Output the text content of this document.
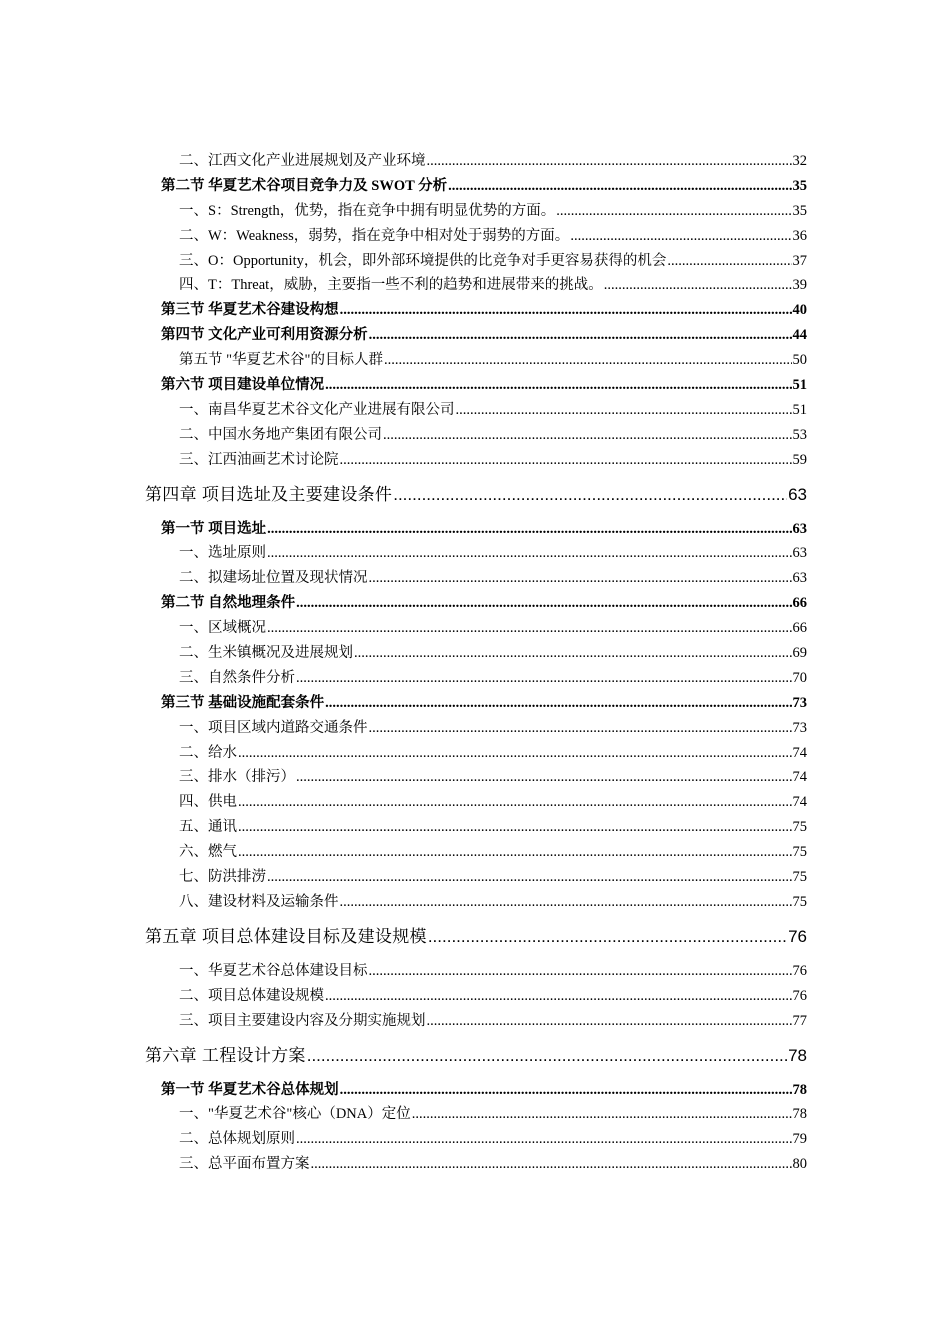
二、江西文化产业进展规划及产业环境 .....	32
第二节 华夏艺术谷项目竞争力及 SWOT 分析 .....	35
一、S：Strength，优势，指在竞争中拥有明显优势的方面。 .....	35
二、W：Weakness，弱势，指在竞争中相对处于弱势的方面。 .....	36
三、O：Opportunity，机会，即外部环境提供的比竞争对手更容易获得的机会 .....	37
四、T：Threat，威胁，主要指一些不利的趋势和进展带来的挑战。 .....	39
第三节 华夏艺术谷建设构想 .....	40
第四节 文化产业可利用资源分析 .....	44
第五节 "华夏艺术谷"的目标人群 .....	50
第六节 项目建设单位情况 .....	51
一、南昌华夏艺术谷文化产业进展有限公司 .....	51
二、中国水务地产集团有限公司 .....	53
三、江西油画艺术讨论院 .....	59
第四章 项目选址及主要建设条件 .....	63
第一节 项目选址 .....	63
一、选址原则 .....	63
二、拟建场址位置及现状情况 .....	63
第二节 自然地理条件 .....	66
一、区域概况 .....	66
二、生米镇概况及进展规划 .....	69
三、自然条件分析 .....	70
第三节 基础设施配套条件 .....	73
一、项目区域内道路交通条件 .....	73
二、给水 .....	74
三、排水（排污） .....	74
四、供电 .....	74
五、通讯 .....	75
六、燃气 .....	75
七、防洪排涝 .....	75
八、建设材料及运输条件 .....	75
第五章 项目总体建设目标及建设规模 .....	76
一、华夏艺术谷总体建设目标 .....	76
二、项目总体建设规模 .....	76
三、项目主要建设内容及分期实施规划 .....	77
第六章 工程设计方案 .....	78
第一节 华夏艺术谷总体规划 .....	78
一、"华夏艺术谷"核心（DNA）定位 .....	78
二、总体规划原则 .....	79
三、总平面布置方案 .....	80
